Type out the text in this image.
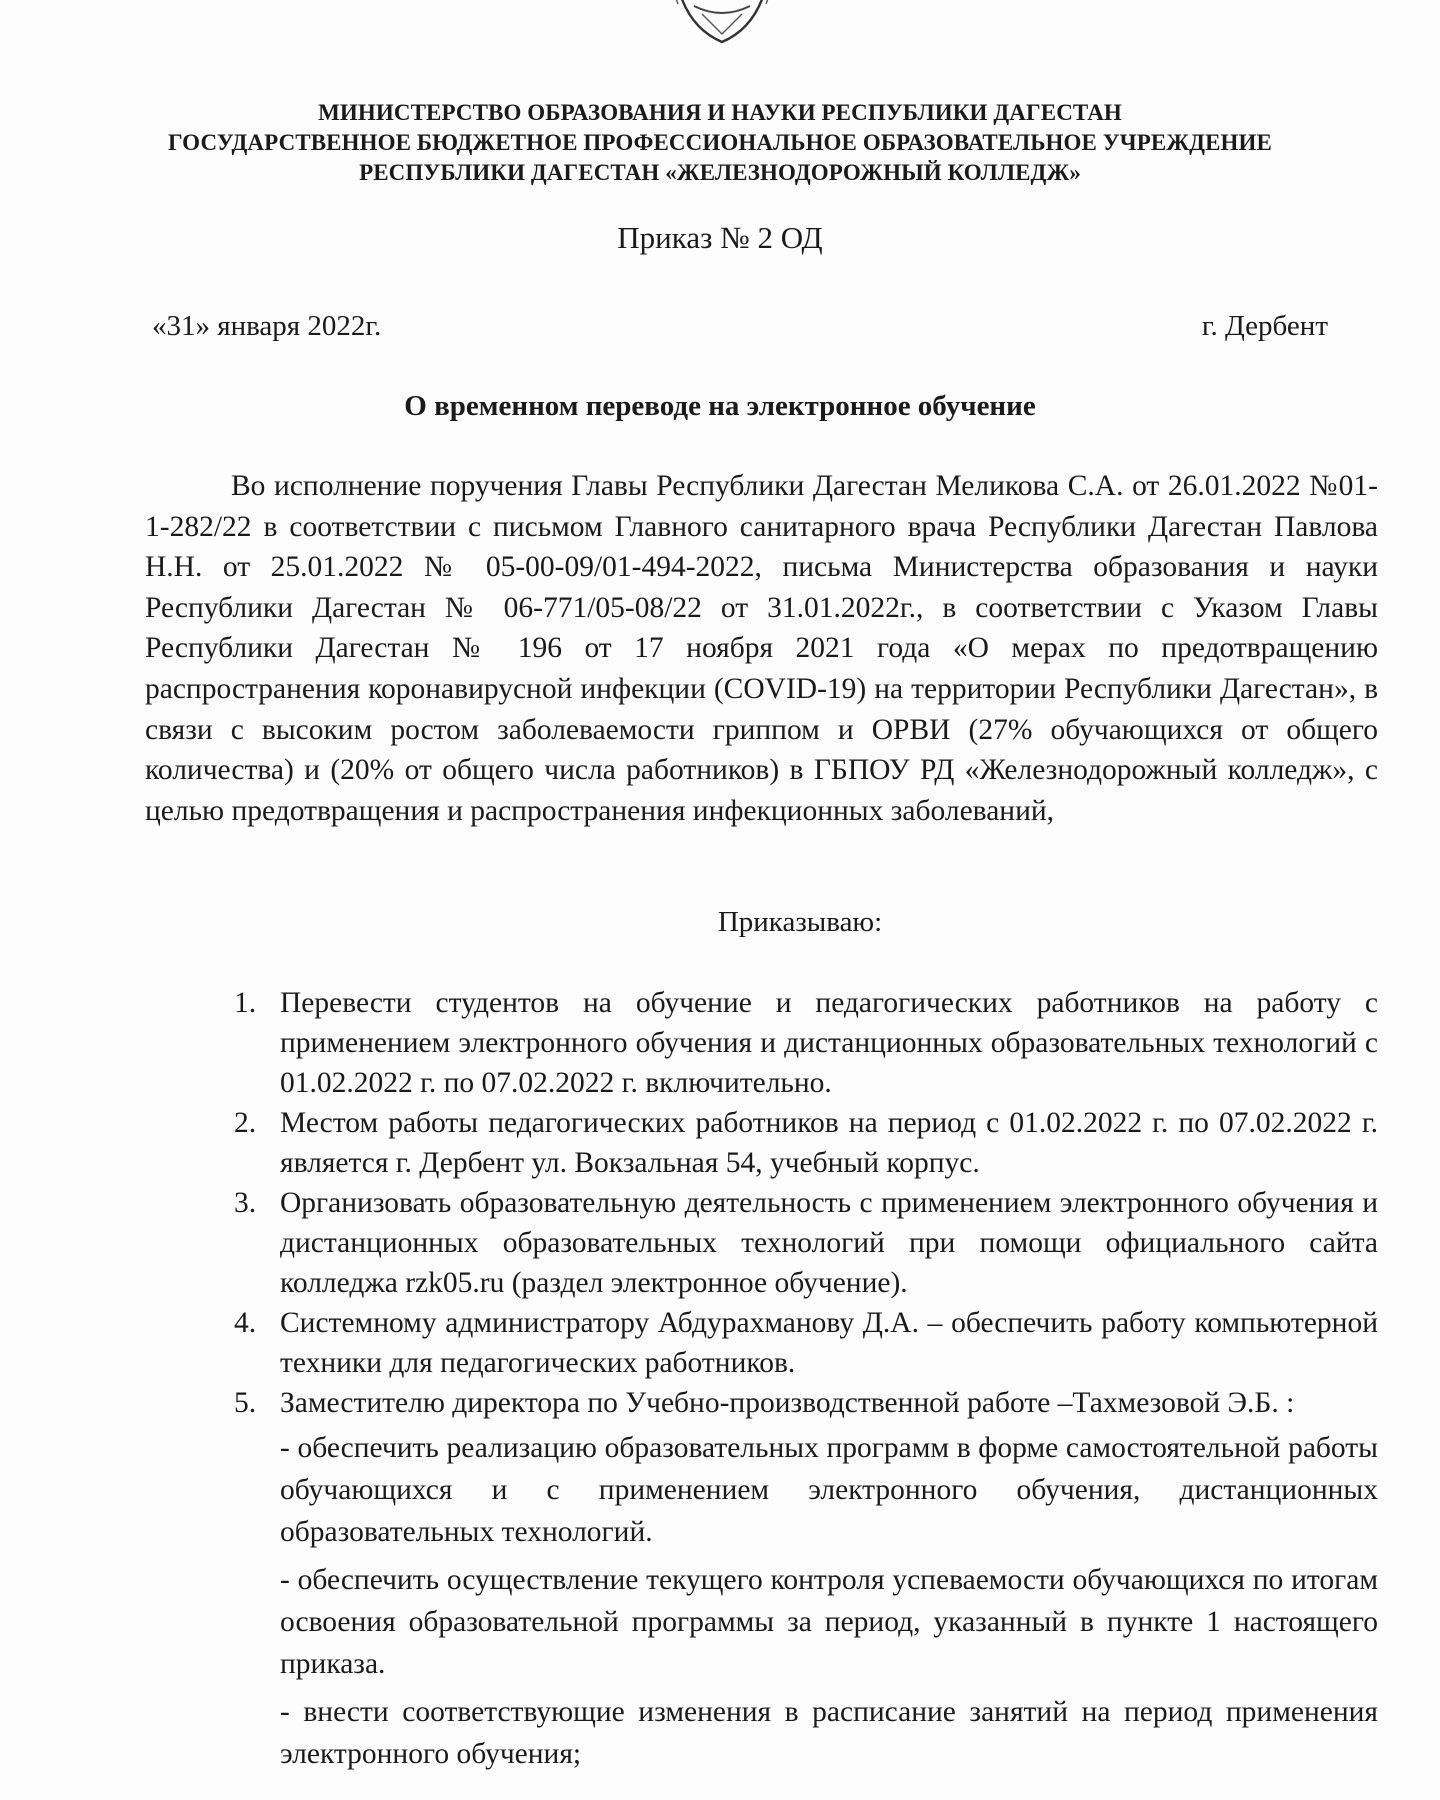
МИНИСТЕРСТВО ОБРАЗОВАНИЯ И НАУКИ РЕСПУБЛИКИ ДАГЕСТАН
ГОСУДАРСТВЕННОЕ БЮДЖЕТНОЕ ПРОФЕССИОНАЛЬНОЕ ОБРАЗОВАТЕЛЬНОЕ УЧРЕЖДЕНИЕ
РЕСПУБЛИКИ ДАГЕСТАН «ЖЕЛЕЗНОДОРОЖНЫЙ КОЛЛЕДЖ»
Приказ № 2 ОД
«31» января 2022г.	г. Дербент
О временном переводе на электронное обучение

Во исполнение поручения Главы Республики Дагестан Меликова С.А. от 26.01.2022 №01-1-282/22 в соответствии с письмом Главного санитарного врача Республики Дагестан Павлова Н.Н. от 25.01.2022 № 05-00-09/01-494-2022, письма Министерства образования и науки Республики Дагестан № 06-771/05-08/22 от 31.01.2022г., в соответствии с Указом Главы Республики Дагестан № 196 от 17 ноября 2021 года «О мерах по предотвращению распространения коронавирусной инфекции (COVID-19) на территории Республики Дагестан», в связи с высоким ростом заболеваемости гриппом и ОРВИ (27% обучающихся от общего количества) и (20% от общего числа работников) в ГБПОУ РД «Железнодорожный колледж», с целью предотвращения и распространения инфекционных заболеваний,

Приказываю:
1. Перевести студентов на обучение и педагогических работников на работу с применением электронного обучения и дистанционных образовательных технологий с 01.02.2022 г. по 07.02.2022 г. включительно.
2. Местом работы педагогических работников на период с 01.02.2022 г. по 07.02.2022 г. является г. Дербент ул. Вокзальная 54, учебный корпус.
3. Организовать образовательную деятельность с применением электронного обучения и дистанционных образовательных технологий при помощи официального сайта колледжа rzk05.ru (раздел электронное обучение).
4. Системному администратору Абдурахманову Д.А. – обеспечить работу компьютерной техники для педагогических работников.
5. Заместителю директора по Учебно-производственной работе –Тахмезовой Э.Б. :
- обеспечить реализацию образовательных программ в форме самостоятельной работы обучающихся и с применением электронного обучения, дистанционных образовательных технологий.
- обеспечить осуществление текущего контроля успеваемости обучающихся по итогам освоения образовательной программы за период, указанный в пункте 1 настоящего приказа.
- внести соответствующие изменения в расписание занятий на период применения электронного обучения;
